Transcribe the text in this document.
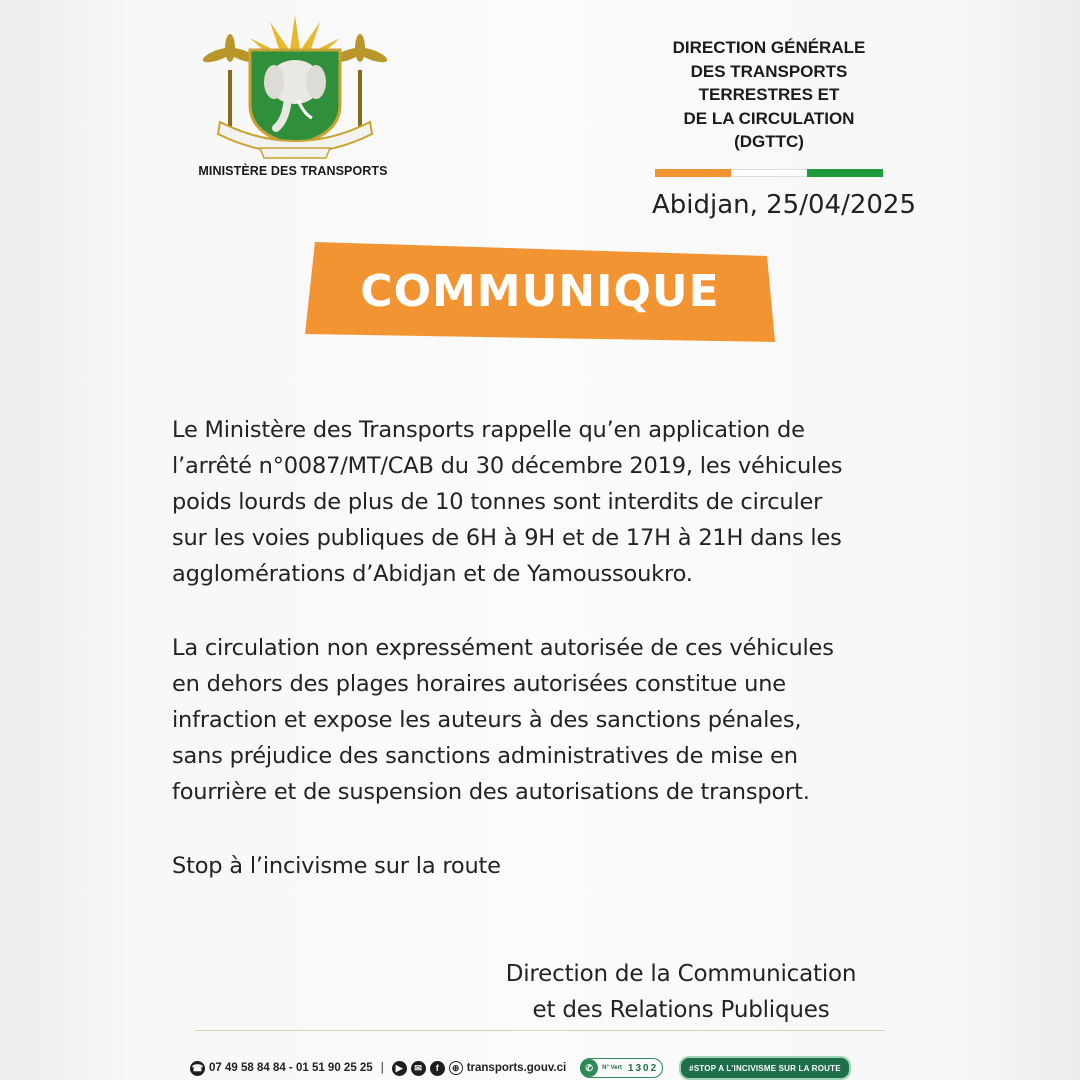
MINISTÈRE DES TRANSPORTS
DIRECTION GÉNÉRALE
DES TRANSPORTS
TERRESTRES ET
DE LA CIRCULATION
(DGTTC)
Abidjan, 25/04/2025
COMMUNIQUE
Le Ministère des Transports rappelle qu’en application de
l’arrêté n°0087/MT/CAB du 30 décembre 2019, les véhicules
poids lourds de plus de 10 tonnes sont interdits de circuler
sur les voies publiques de 6H à 9H et de 17H à 21H dans les
agglomérations d’Abidjan et de Yamoussoukro.
La circulation non expressément autorisée de ces véhicules
en dehors des plages horaires autorisées constitue une
infraction et expose les auteurs à des sanctions pénales,
sans préjudice des sanctions administratives de mise en
fourrière et de suspension des autorisations de transport.
Stop à l’incivisme sur la route
Direction de la Communication
et des Relations Publiques
☎ 07 49 58 84 84 - 01 51 90 25 25 |	▶	✉	f	⊕ transports.gouv.ci	✆	N° Vert 1302	#STOP A L'INCIVISME SUR LA ROUTE
